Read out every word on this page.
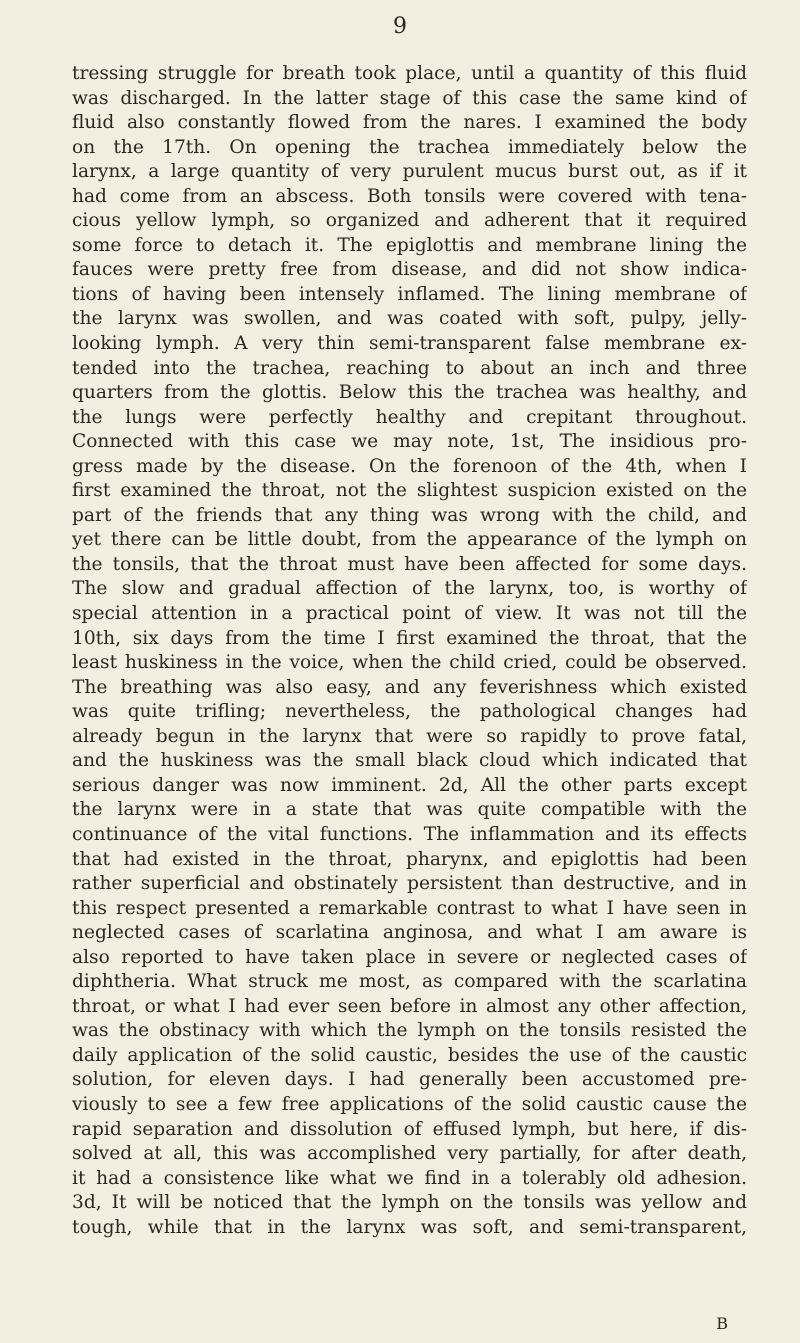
9
tressing struggle for breath took place, until a quantity of this fluid
was discharged. In the latter stage of this case the same kind of
fluid also constantly flowed from the nares. I examined the body
on the 17th. On opening the trachea immediately below the
larynx, a large quantity of very purulent mucus burst out, as if it
had come from an abscess. Both tonsils were covered with tena-
cious yellow lymph, so organized and adherent that it required
some force to detach it. The epiglottis and membrane lining the
fauces were pretty free from disease, and did not show indica-
tions of having been intensely inflamed. The lining membrane of
the larynx was swollen, and was coated with soft, pulpy, jelly-
looking lymph. A very thin semi-transparent false membrane ex-
tended into the trachea, reaching to about an inch and three
quarters from the glottis. Below this the trachea was healthy, and
the lungs were perfectly healthy and crepitant throughout.
Connected with this case we may note, 1st, The insidious pro-
gress made by the disease. On the forenoon of the 4th, when I
first examined the throat, not the slightest suspicion existed on the
part of the friends that any thing was wrong with the child, and
yet there can be little doubt, from the appearance of the lymph on
the tonsils, that the throat must have been affected for some days.
The slow and gradual affection of the larynx, too, is worthy of
special attention in a practical point of view. It was not till the
10th, six days from the time I first examined the throat, that the
least huskiness in the voice, when the child cried, could be observed.
The breathing was also easy, and any feverishness which existed
was quite trifling; nevertheless, the pathological changes had
already begun in the larynx that were so rapidly to prove fatal,
and the huskiness was the small black cloud which indicated that
serious danger was now imminent. 2d, All the other parts except
the larynx were in a state that was quite compatible with the
continuance of the vital functions. The inflammation and its effects
that had existed in the throat, pharynx, and epiglottis had been
rather superficial and obstinately persistent than destructive, and in
this respect presented a remarkable contrast to what I have seen in
neglected cases of scarlatina anginosa, and what I am aware is
also reported to have taken place in severe or neglected cases of
diphtheria. What struck me most, as compared with the scarlatina
throat, or what I had ever seen before in almost any other affection,
was the obstinacy with which the lymph on the tonsils resisted the
daily application of the solid caustic, besides the use of the caustic
solution, for eleven days. I had generally been accustomed pre-
viously to see a few free applications of the solid caustic cause the
rapid separation and dissolution of effused lymph, but here, if dis-
solved at all, this was accomplished very partially, for after death,
it had a consistence like what we find in a tolerably old adhesion.
3d, It will be noticed that the lymph on the tonsils was yellow and
tough, while that in the larynx was soft, and semi-transparent,
B
